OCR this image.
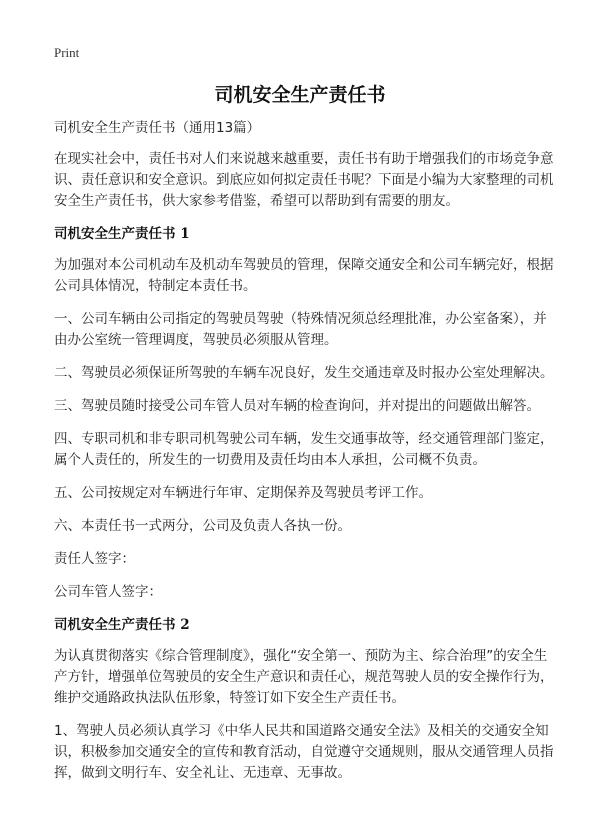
Print
司机安全生产责任书

司机安全生产责任书（通用13篇）

在现实社会中，责任书对人们来说越来越重要，责任书有助于增强我们的市场竞争意识、责任意识和安全意识。到底应如何拟定责任书呢？下面是小编为大家整理的司机安全生产责任书，供大家参考借鉴，希望可以帮助到有需要的朋友。

司机安全生产责任书 1

为加强对本公司机动车及机动车驾驶员的管理，保障交通安全和公司车辆完好，根据公司具体情况，特制定本责任书。

一、公司车辆由公司指定的驾驶员驾驶（特殊情况须总经理批准，办公室备案），并由办公室统一管理调度，驾驶员必须服从管理。

二、驾驶员必须保证所驾驶的车辆车况良好，发生交通违章及时报办公室处理解决。

三、驾驶员随时接受公司车管人员对车辆的检查询问，并对提出的问题做出解答。

四、专职司机和非专职司机驾驶公司车辆，发生交通事故等，经交通管理部门鉴定，属个人责任的，所发生的一切费用及责任均由本人承担，公司概不负责。

五、公司按规定对车辆进行年审、定期保养及驾驶员考评工作。

六、本责任书一式两分，公司及负责人各执一份。

责任人签字：

公司车管人签字：

司机安全生产责任书 2

为认真贯彻落实《综合管理制度》，强化“安全第一、预防为主、综合治理”的安全生产方针，增强单位驾驶员的安全生产意识和责任心，规范驾驶人员的安全操作行为，维护交通路政执法队伍形象，特签订如下安全生产责任书。

1、驾驶人员必须认真学习《中华人民共和国道路交通安全法》及相关的交通安全知识，积极参加交通安全的宣传和教育活动，自觉遵守交通规则，服从交通管理人员指挥，做到文明行车、安全礼让、无违章、无事故。
